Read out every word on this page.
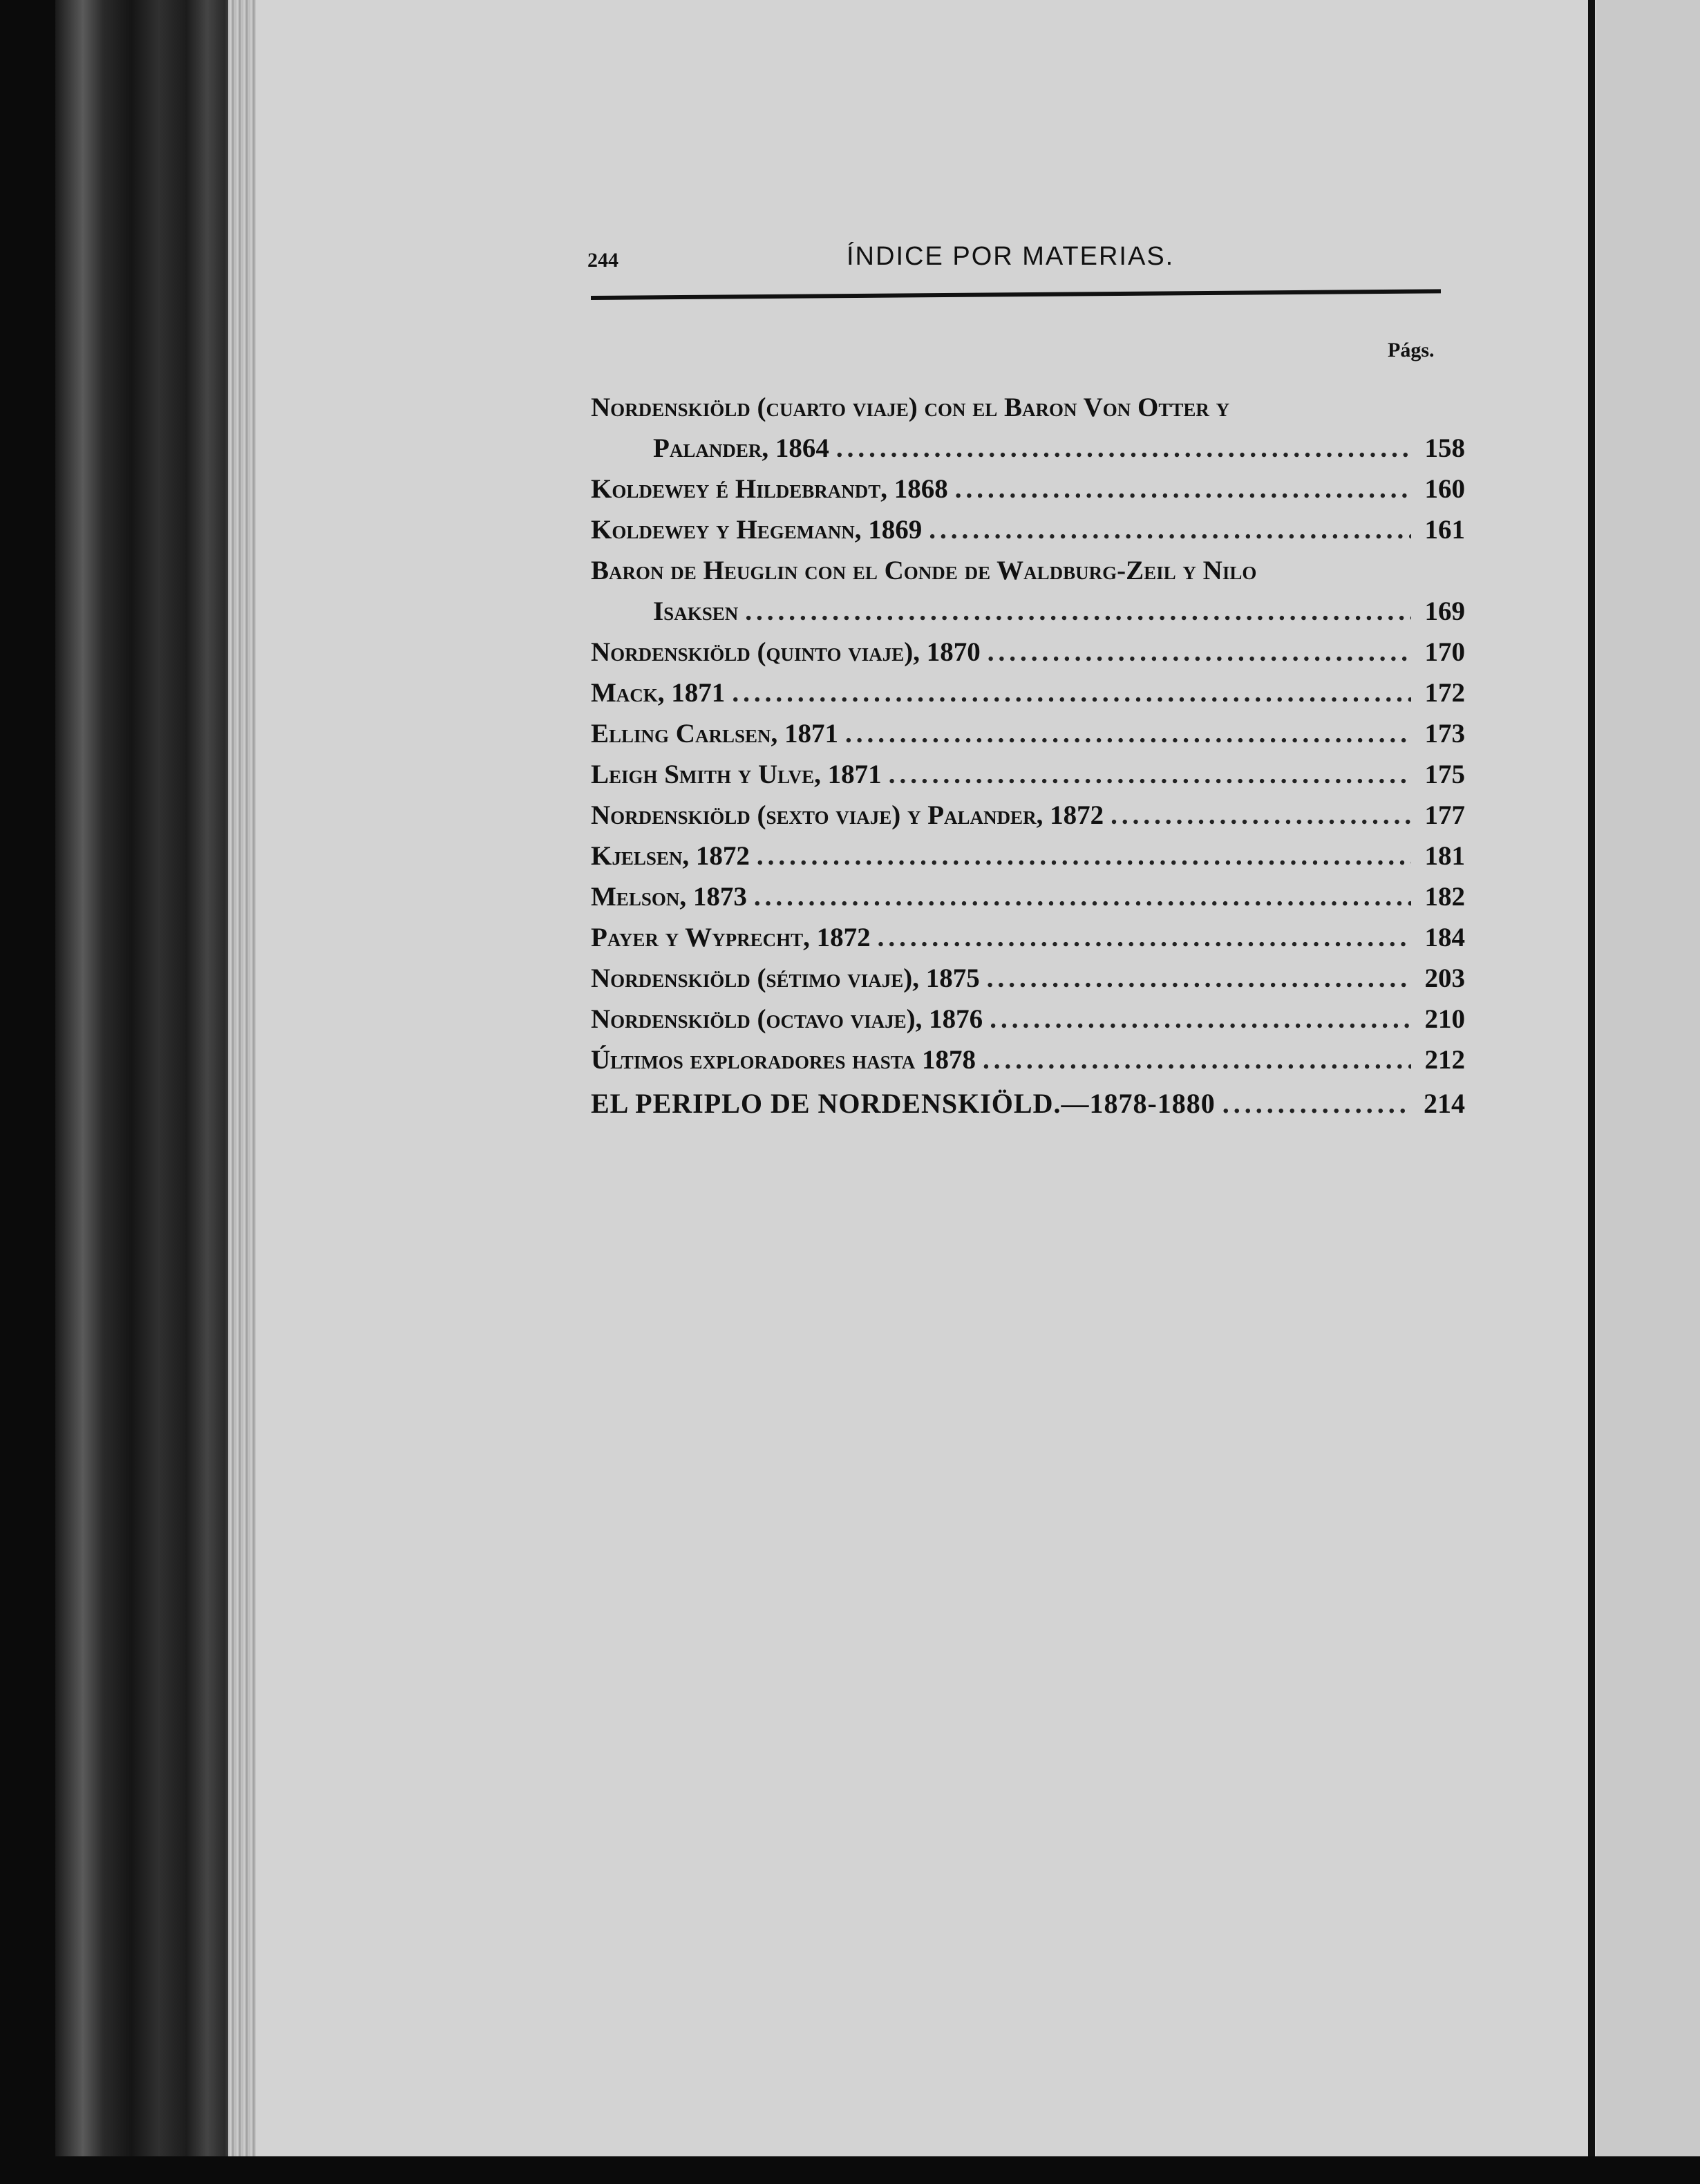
244	ÍNDICE POR MATERIAS.
Págs.
Nordenskiöld (cuarto viaje) con el Baron Von Otter y
Palander, 1864 .....	158
Koldewey é Hildebrandt, 1868 .....	160
Koldewey y Hegemann, 1869 .....	161
Baron de Heuglin con el Conde de Waldburg-Zeil y Nilo
Isaksen .....	169
Nordenskiöld (quinto viaje), 1870 .....	170
Mack, 1871 .....	172
Elling Carlsen, 1871 .....	173
Leigh Smith y Ulve, 1871 .....	175
Nordenskiöld (sexto viaje) y Palander, 1872 .....	177
Kjelsen, 1872 .....	181
Melson, 1873 .....	182
Payer y Wyprecht, 1872 .....	184
Nordenskiöld (sétimo viaje), 1875 .....	203
Nordenskiöld (octavo viaje), 1876 .....	210
Últimos exploradores hasta 1878 .....	212
EL PERIPLO DE NORDENSKIÖLD.—1878-1880 .....	214
